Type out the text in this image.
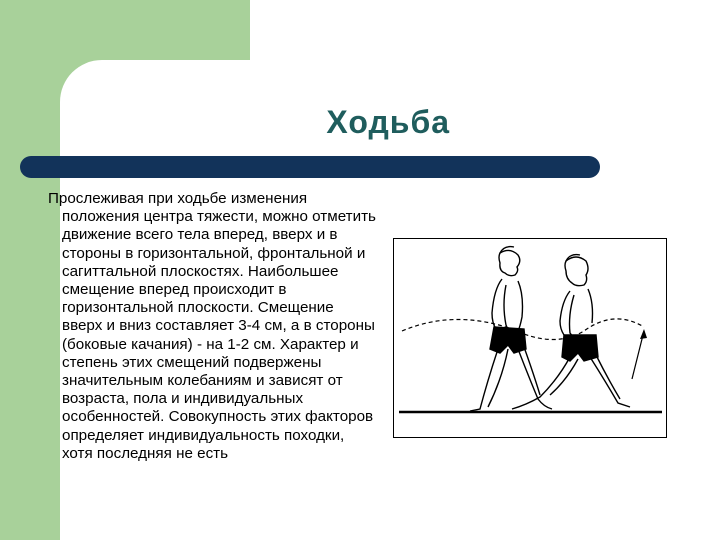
Ходьба

Прослеживая при ходьбе изменения положения центра тяжести, можно отметить движение всего тела вперед, вверх и в стороны в горизонтальной, фронтальной и сагиттальной плоскостях. Наибольшее смещение вперед происходит в горизонтальной плоскости. Смещение вверх и вниз составляет 3-4 см, а в стороны (боковые качания) - на 1-2 см. Характер и степень этих смещений подвержены значительным колебаниям и зависят от возраста, пола и индивидуальных особенностей. Совокупность этих факторов определяет индивидуальность походки, хотя последняя не есть
